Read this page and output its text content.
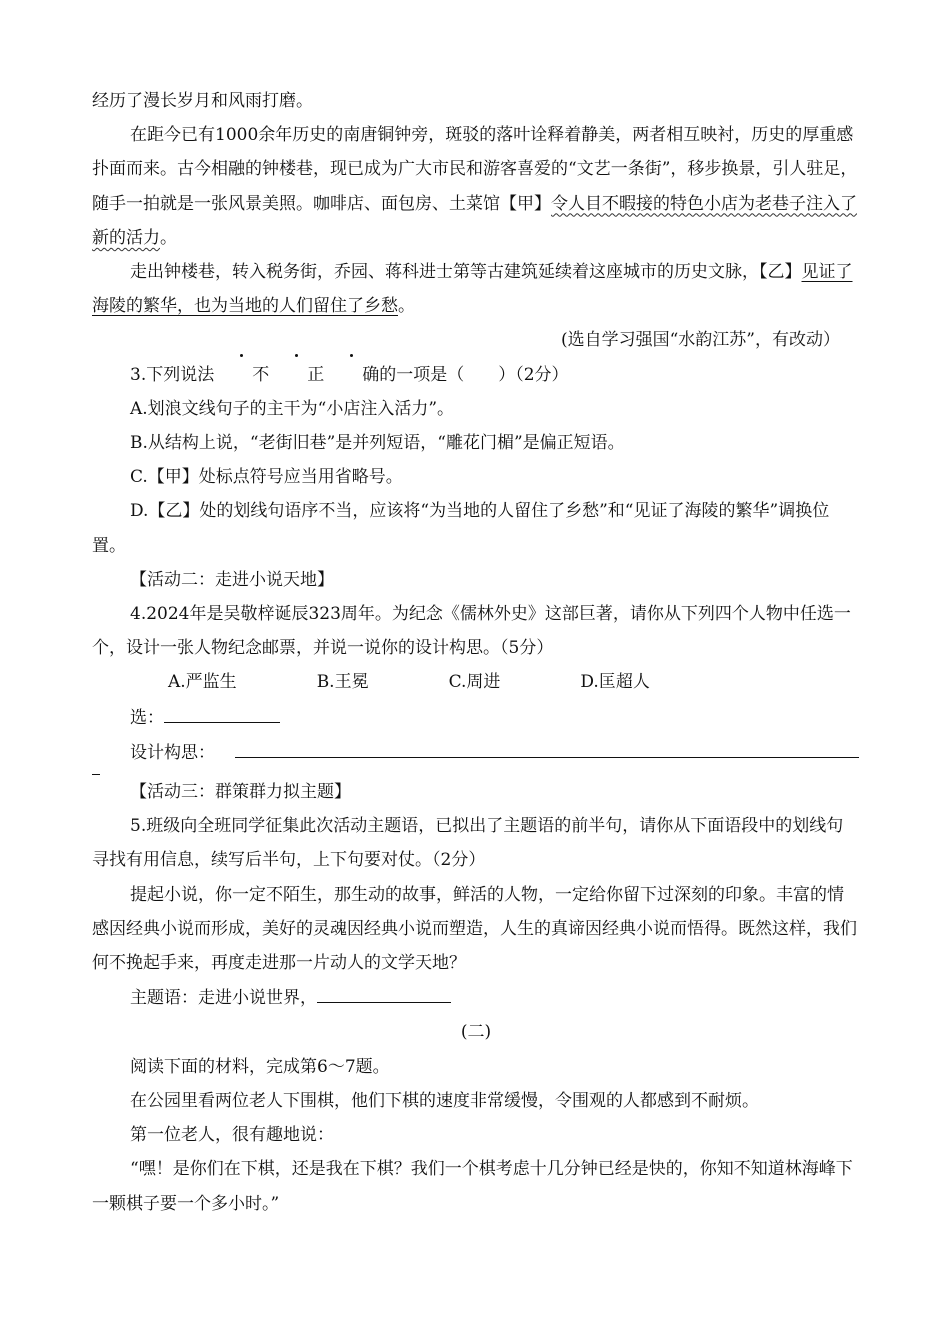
经历了漫长岁月和风雨打磨。

在距今已有1000余年历史的南唐铜钟旁，斑驳的落叶诠释着静美，两者相互映衬，历史的厚重感扑面而来。古今相融的钟楼巷，现已成为广大市民和游客喜爱的“文艺一条街”，移步换景，引人驻足，随手一拍就是一张风景美照。咖啡店、面包房、土菜馆【甲】令人目不暇接的特色小店为老巷子注入了新的活力。

走出钟楼巷，转入税务街，乔园、蒋科进士第等古建筑延续着这座城市的历史文脉，【乙】见证了海陵的繁华，也为当地的人们留住了乡愁。

(选自学习强国“水韵江苏”，有改动）

3.下列说法 不 正 确的一项是（　　）（2分）

A.划浪文线句子的主干为“小店注入活力”。

B.从结构上说，“老街旧巷”是并列短语，“雕花门楣”是偏正短语。

C.【甲】处标点符号应当用省略号。

D.【乙】处的划线句语序不当，应该将“为当地的人留住了乡愁”和“见证了海陵的繁华”调换位置。

【活动二：走进小说天地】

4.2024年是吴敬梓诞辰323周年。为纪念《儒林外史》这部巨著，请你从下列四个人物中任选一个，设计一张人物纪念邮票，并说一说你的设计构思。（5分）

A.严监生	B.王冕	C.周进	D.匡超人

选：

设计构思：

【活动三：群策群力拟主题】

5.班级向全班同学征集此次活动主题语，已拟出了主题语的前半句，请你从下面语段中的划线句寻找有用信息，续写后半句，上下句要对仗。（2分）

提起小说，你一定不陌生，那生动的故事，鲜活的人物，一定给你留下过深刻的印象。丰富的情感因经典小说而形成，美好的灵魂因经典小说而塑造，人生的真谛因经典小说而悟得。既然这样，我们何不挽起手来，再度走进那一片动人的文学天地？

主题语：走进小说世界，

(二)

阅读下面的材料，完成第6～7题。

在公园里看两位老人下围棋，他们下棋的速度非常缓慢，令围观的人都感到不耐烦。

第一位老人，很有趣地说：

“嘿！是你们在下棋，还是我在下棋？我们一个棋考虑十几分钟已经是快的，你知不知道林海峰下一颗棋子要一个多小时。”
